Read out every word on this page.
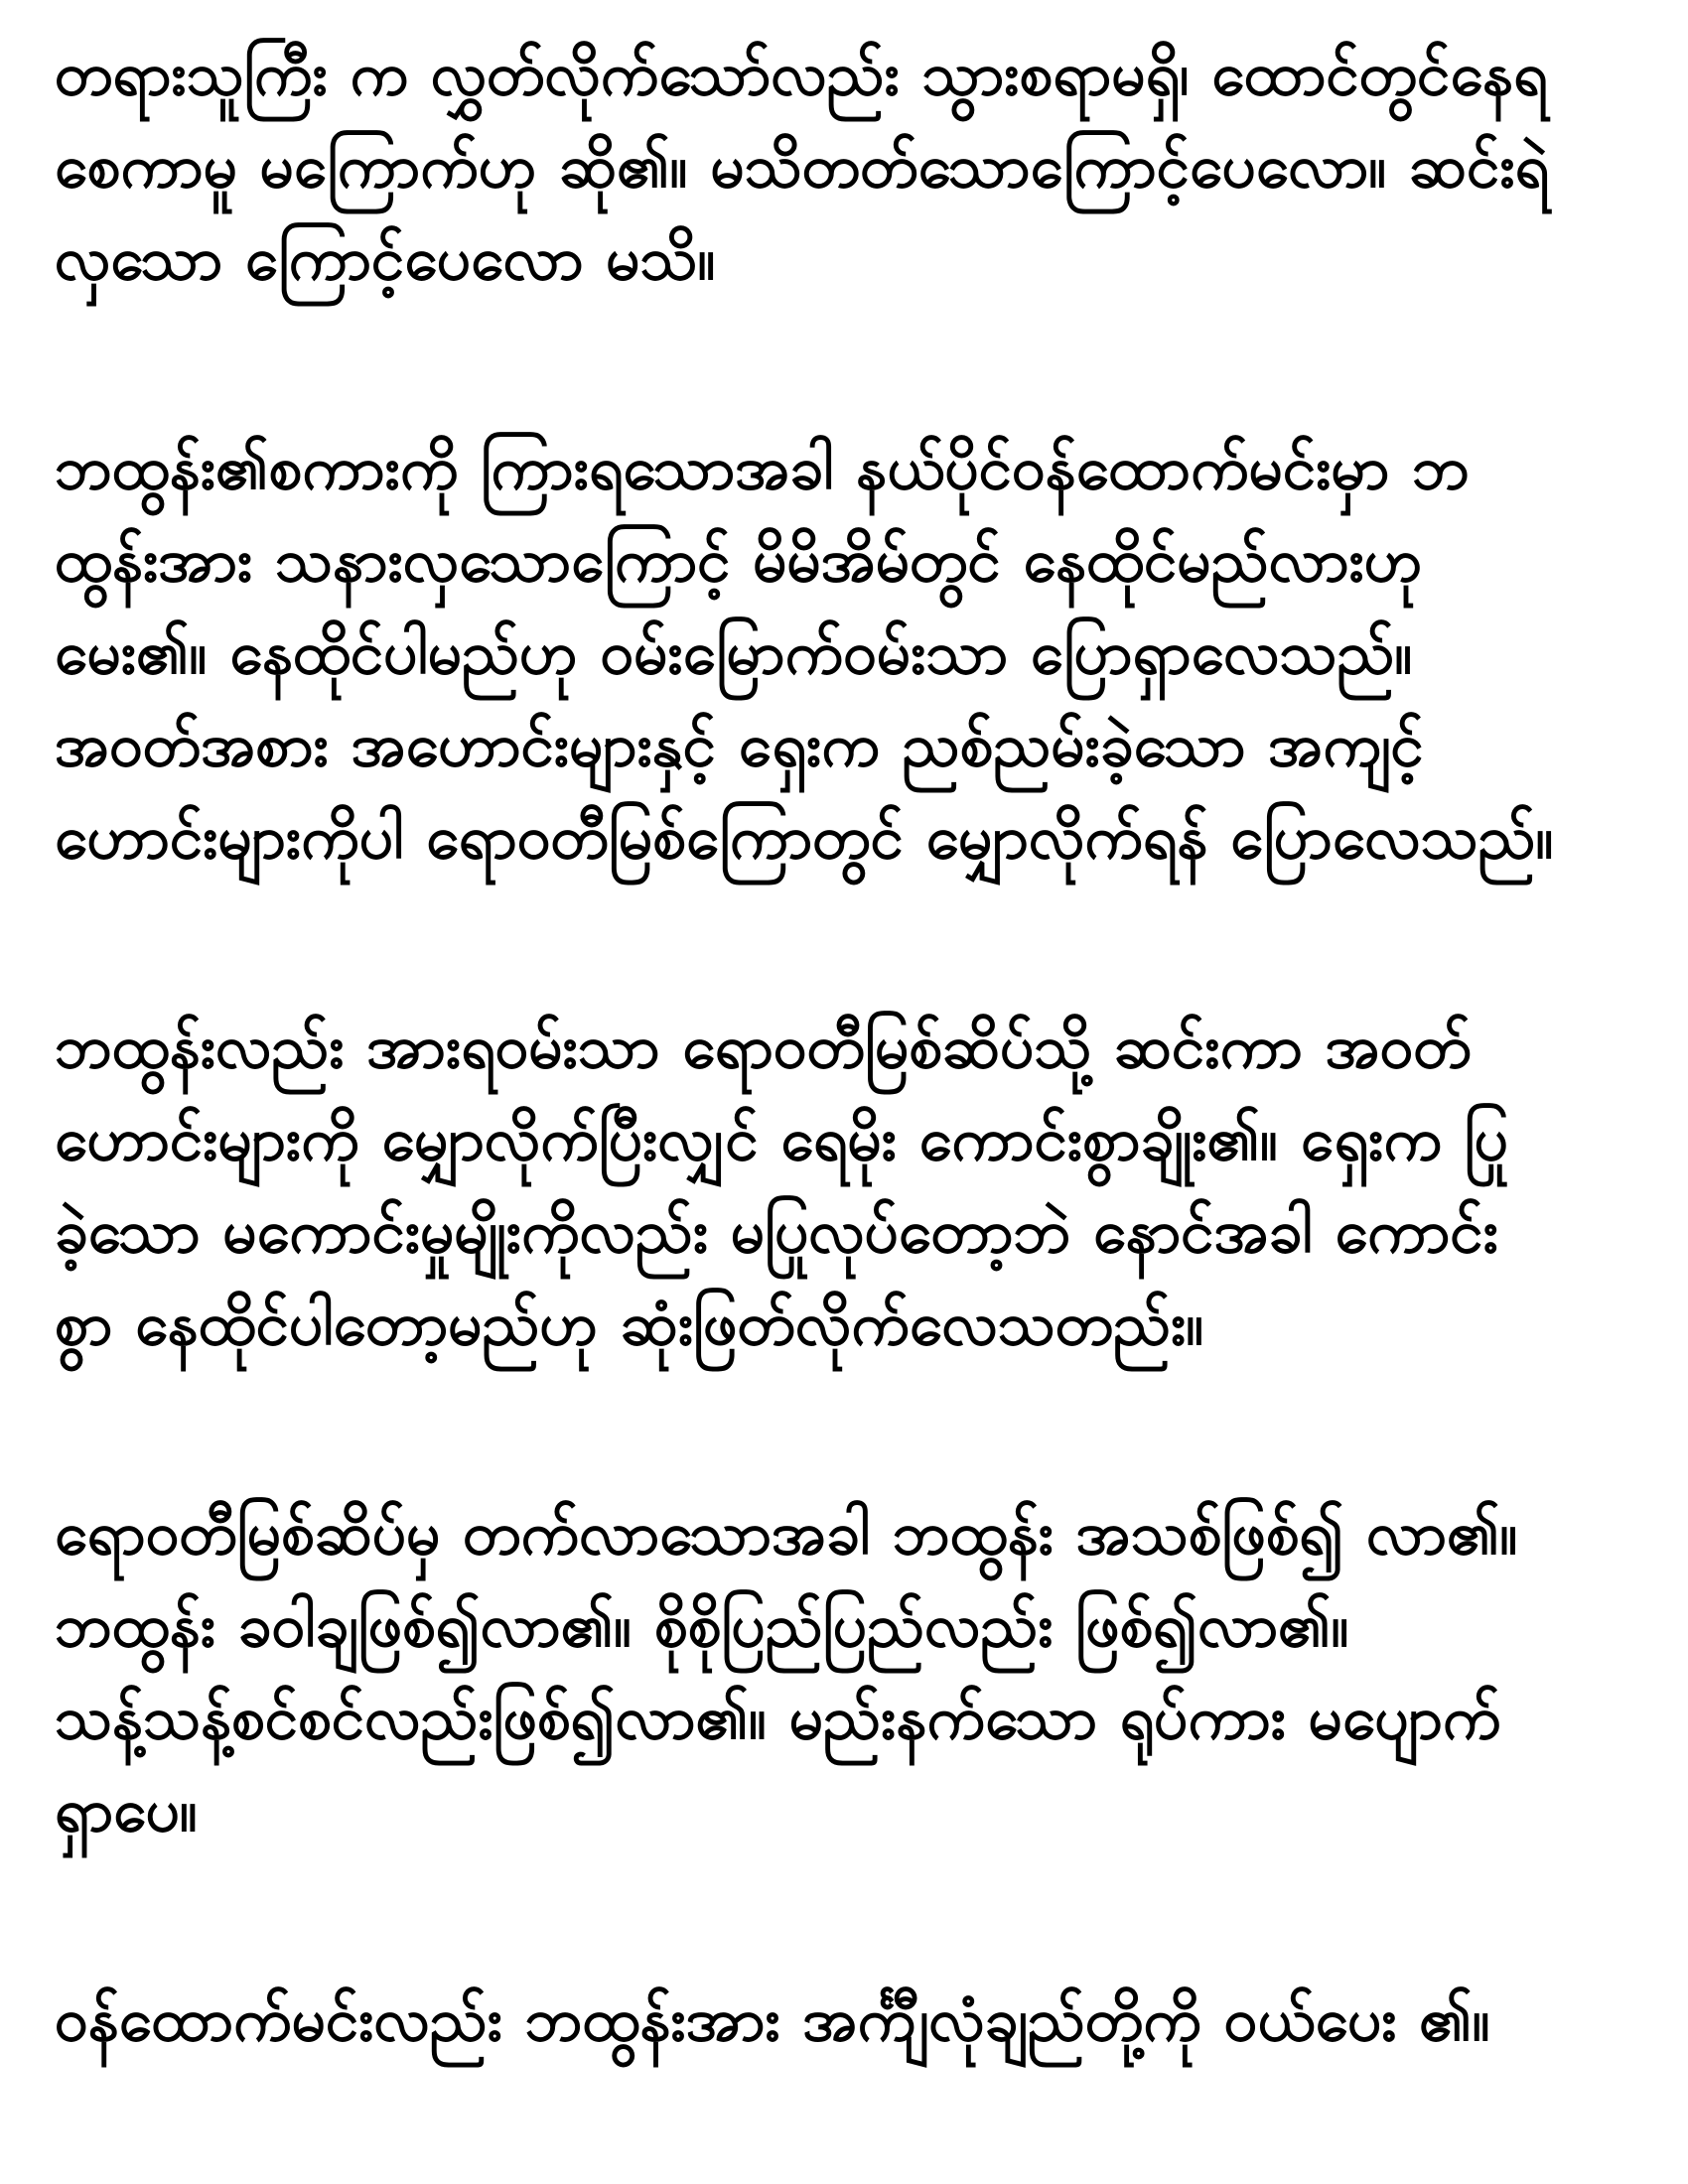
တရားသူကြီး က လွှတ်လိုက်သော်လည်း သွားစရာမရှိ၊ ထောင်တွင်နေရ
စေကာမူ မကြောက်ဟု ဆို၏။ မသိတတ်သောကြောင့်ပေလော။ ဆင်းရဲ
လှသော ကြောင့်ပေလော မသိ။
ဘထွန်း၏စကားကို ကြားရသောအခါ နယ်ပိုင်ဝန်ထောက်မင်းမှာ ဘ
ထွန်းအား သနားလှသောကြောင့် မိမိအိမ်တွင် နေထိုင်မည်လားဟု
မေး၏။ နေထိုင်ပါမည်ဟု ဝမ်းမြောက်ဝမ်းသာ ပြောရှာလေသည်။
အဝတ်အစား အဟောင်းများနှင့် ရှေးက ညစ်ညမ်းခဲ့သော အကျင့်
ဟောင်းများကိုပါ ရောဝတီမြစ်ကြောတွင် မျှောလိုက်ရန် ပြောလေသည်။
ဘထွန်းလည်း အားရဝမ်းသာ ရောဝတီမြစ်ဆိပ်သို့ ဆင်းကာ အဝတ်
ဟောင်းများကို မျှောလိုက်ပြီးလျှင် ရေမိုး ကောင်းစွာချိုး၏။ ရှေးက ပြု
ခဲ့သော မကောင်းမှုမျိုးကိုလည်း မပြုလုပ်တော့ဘဲ နောင်အခါ ကောင်း
စွာ နေထိုင်ပါတော့မည်ဟု ဆုံးဖြတ်လိုက်လေသတည်း။
ရောဝတီမြစ်ဆိပ်မှ တက်လာသောအခါ ဘထွန်း အသစ်ဖြစ်၍ လာ၏။
ဘထွန်း ခဝါချဖြစ်၍လာ၏။ စိုစိုပြည်ပြည်လည်း ဖြစ်၍လာ၏။
သန့်သန့်စင်စင်လည်းဖြစ်၍လာ၏။ မည်းနက်သော ရုပ်ကား မပျောက်
ရှာပေ။
ဝန်ထောက်မင်းလည်း ဘထွန်းအား အင်္ကျီလုံချည်တို့ကို ဝယ်ပေး ၏။
